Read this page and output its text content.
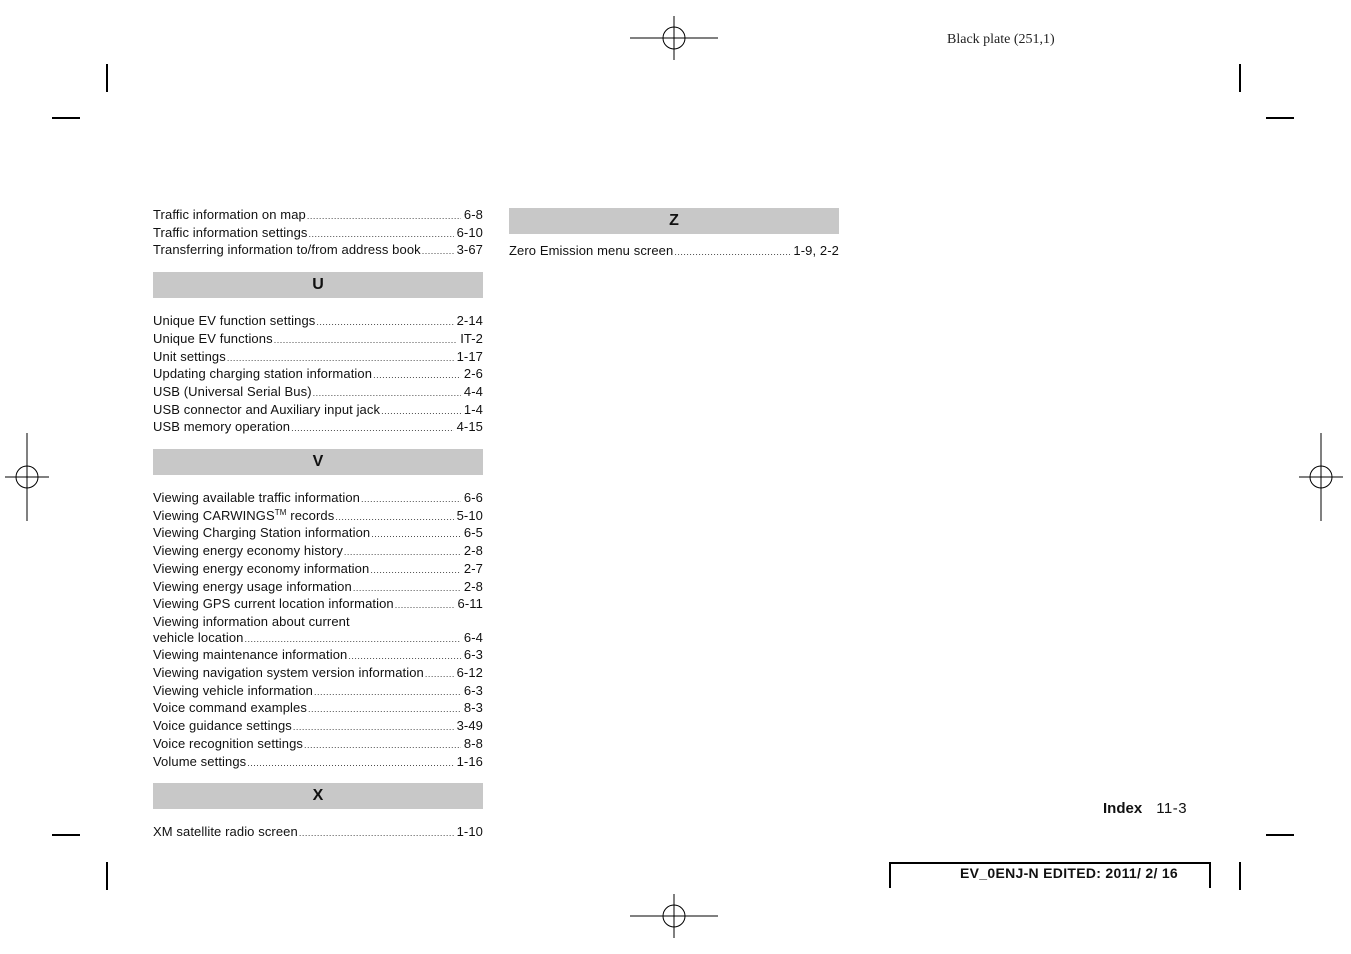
Black plate (251,1)
Traffic information on map .....	6-8
Traffic information settings .....	6-10
Transferring information to/from address book .....	3-67
U
Unique EV function settings .....	2-14
Unique EV functions .....	IT-2
Unit settings .....	1-17
Updating charging station information .....	2-6
USB (Universal Serial Bus) .....	4-4
USB connector and Auxiliary input jack .....	1-4
USB memory operation .....	4-15
V
Viewing available traffic information .....	6-6
Viewing CARWINGS™ records .....	5-10
Viewing Charging Station information .....	6-5
Viewing energy economy history .....	2-8
Viewing energy economy information .....	2-7
Viewing energy usage information .....	2-8
Viewing GPS current location information .....	6-11
Viewing information about current
vehicle location .....	6-4
Viewing maintenance information .....	6-3
Viewing navigation system version information .....	6-12
Viewing vehicle information .....	6-3
Voice command examples .....	8-3
Voice guidance settings .....	3-49
Voice recognition settings .....	8-8
Volume settings .....	1-16
X
XM satellite radio screen .....	1-10
Z
Zero Emission menu screen .....	1-9, 2-2
Index 11-3
EV_0ENJ-N EDITED: 2011/ 2/ 16
